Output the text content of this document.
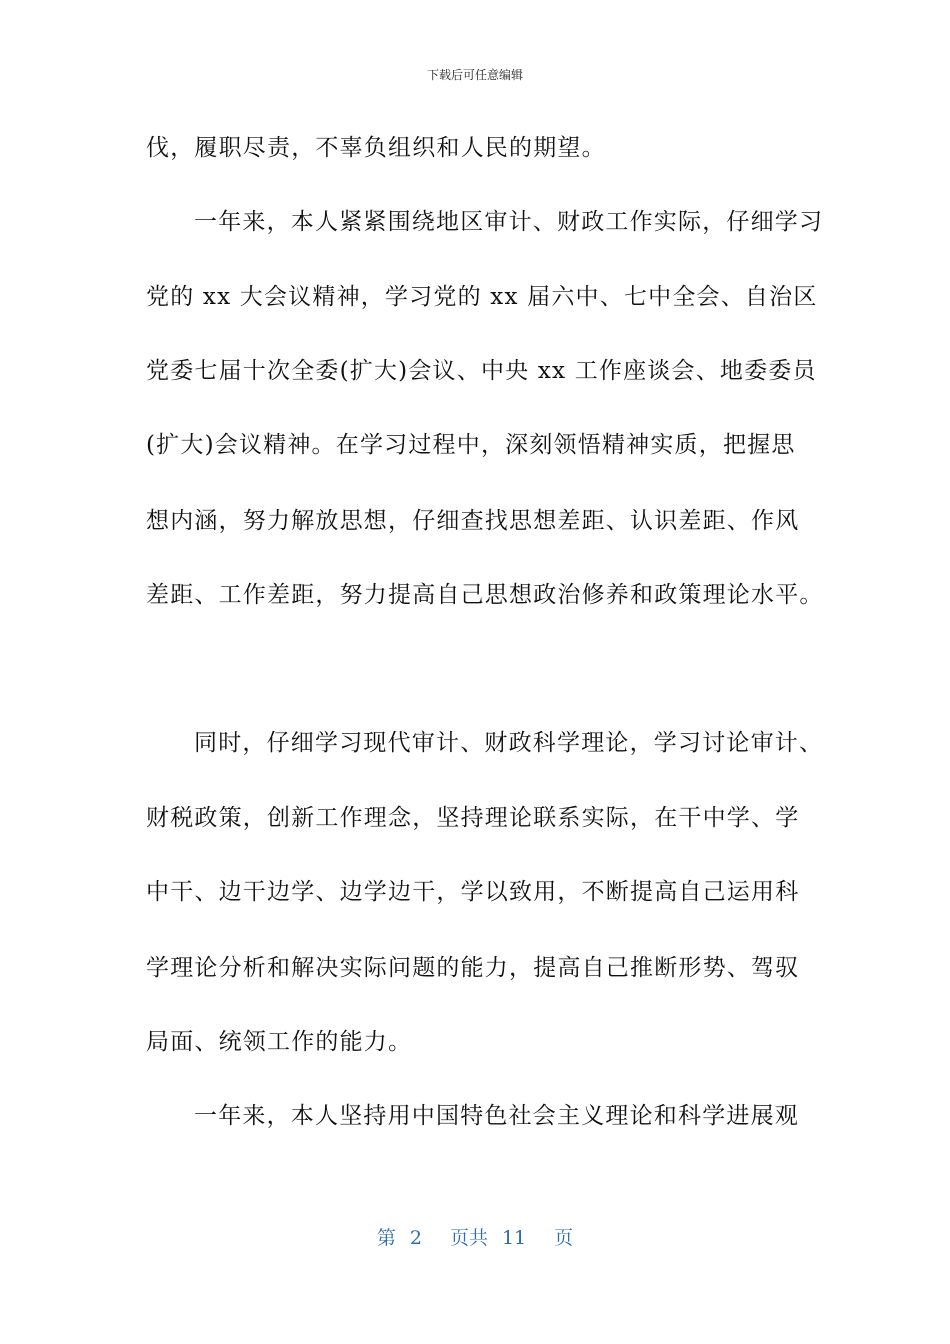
下载后可任意编辑
伐，履职尽责，不辜负组织和人民的期望。
一年来，本人紧紧围绕地区审计、财政工作实际，仔细学习
党的 xx 大会议精神，学习党的 xx 届六中、七中全会、自治区
党委七届十次全委(扩大)会议、中央 xx 工作座谈会、地委委员
(扩大)会议精神。在学习过程中，深刻领悟精神实质，把握思
想内涵，努力解放思想，仔细查找思想差距、认识差距、作风
差距、工作差距，努力提高自己思想政治修养和政策理论水平。
同时，仔细学习现代审计、财政科学理论，学习讨论审计、
财税政策，创新工作理念，坚持理论联系实际，在干中学、学
中干、边干边学、边学边干，学以致用，不断提高自己运用科
学理论分析和解决实际问题的能力，提高自己推断形势、驾驭
局面、统领工作的能力。
一年来，本人坚持用中国特色社会主义理论和科学进展观
第 2 页共 11 页
